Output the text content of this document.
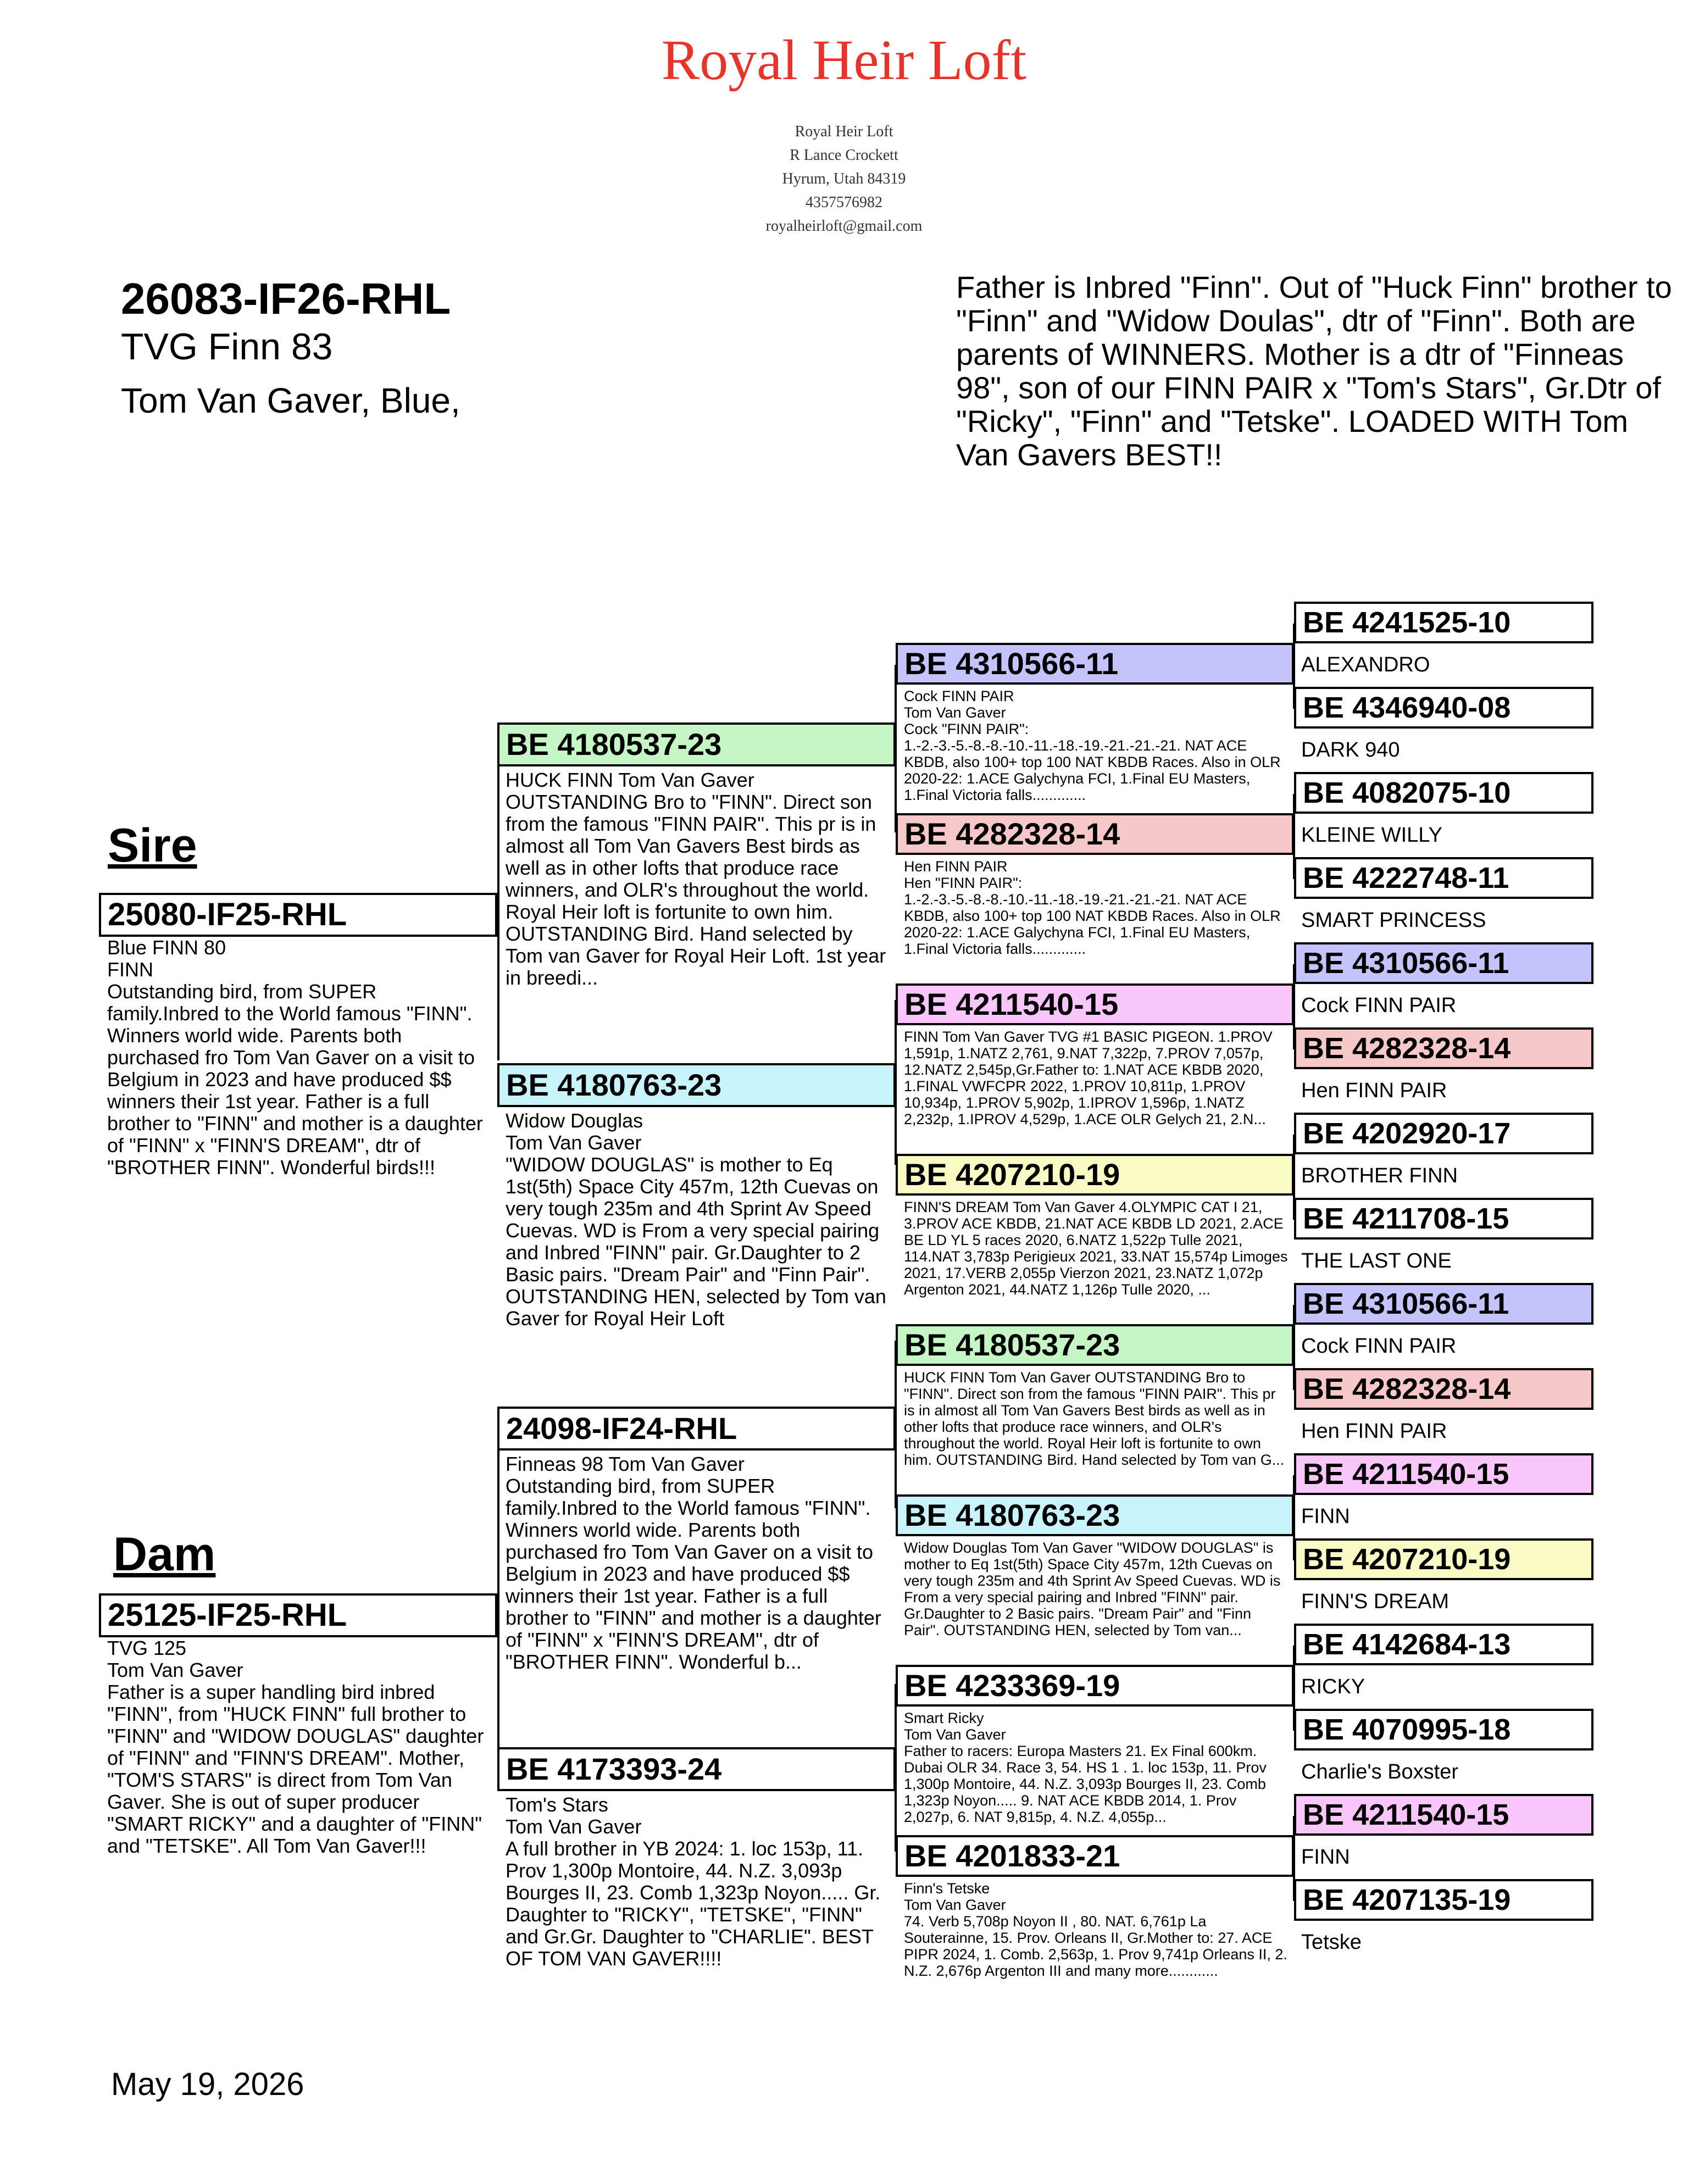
Royal Heir Loft
Royal Heir Loft
R Lance Crockett
Hyrum, Utah 84319
4357576982
royalheirloft@gmail.com
26083-IF26-RHL
TVG Finn 83
Tom Van Gaver, Blue,
Father is Inbred "Finn". Out of "Huck Finn" brother to "Finn" and "Widow Doulas", dtr of "Finn". Both are parents of WINNERS. Mother is a dtr of "Finneas 98", son of our FINN PAIR x "Tom's Stars", Gr.Dtr of "Ricky", "Finn" and "Tetske". LOADED WITH Tom Van Gavers BEST!!
Sire
25080-IF25-RHL
Blue FINN 80
FINN
Outstanding bird, from SUPER family.Inbred to the World famous "FINN". Winners world wide. Parents both purchased fro Tom Van Gaver on a visit to Belgium in 2023 and have produced $$ winners their 1st year. Father is a full brother to "FINN" and mother is a daughter of "FINN" x "FINN'S DREAM", dtr of "BROTHER FINN". Wonderful birds!!!
Dam
25125-IF25-RHL
TVG 125
Tom Van Gaver
Father is a super handling bird inbred "FINN", from "HUCK FINN" full brother to "FINN" and "WIDOW DOUGLAS" daughter of "FINN" and "FINN'S DREAM". Mother, "TOM'S STARS" is direct from Tom Van Gaver. She is out of super producer "SMART RICKY" and a daughter of "FINN" and "TETSKE". All Tom Van Gaver!!!
BE 4180537-23
HUCK FINN Tom Van Gaver OUTSTANDING Bro to "FINN". Direct son from the famous "FINN PAIR". This pr is in almost all Tom Van Gavers Best birds as well as in other lofts that produce race winners, and OLR's throughout the world. Royal Heir loft is fortunite to own him. OUTSTANDING Bird. Hand selected by Tom van Gaver for Royal Heir Loft. 1st year in breedi...
BE 4180763-23
Widow Douglas
Tom Van Gaver
"WIDOW DOUGLAS" is mother to Eq 1st(5th) Space City 457m, 12th Cuevas on very tough 235m and 4th Sprint Av Speed Cuevas. WD is From a very special pairing and Inbred "FINN" pair. Gr.Daughter to 2 Basic pairs. "Dream Pair" and "Finn Pair". OUTSTANDING HEN, selected by Tom van Gaver for Royal Heir Loft
24098-IF24-RHL
Finneas 98 Tom Van Gaver
Outstanding bird, from SUPER family.Inbred to the World famous "FINN". Winners world wide. Parents both purchased fro Tom Van Gaver on a visit to Belgium in 2023 and have produced $$ winners their 1st year. Father is a full brother to "FINN" and mother is a daughter of "FINN" x "FINN'S DREAM", dtr of "BROTHER FINN". Wonderful b...
BE 4173393-24
Tom's Stars
Tom Van Gaver
A full brother in YB 2024: 1. loc 153p, 11. Prov 1,300p Montoire, 44. N.Z. 3,093p Bourges II, 23. Comb 1,323p Noyon..... Gr. Daughter to "RICKY", "TETSKE", "FINN" and Gr.Gr. Daughter to "CHARLIE". BEST OF TOM VAN GAVER!!!!
BE 4310566-11
Cock FINN PAIR
Tom Van Gaver
Cock "FINN PAIR":
1.-2.-3.-5.-8.-8.-10.-11.-18.-19.-21.-21.-21. NAT ACE KBDB, also 100+ top 100 NAT KBDB Races. Also in OLR 2020-22: 1.ACE Galychyna FCI, 1.Final EU Masters, 1.Final Victoria falls.............
BE 4282328-14
Hen FINN PAIR
Hen "FINN PAIR":
1.-2.-3.-5.-8.-8.-10.-11.-18.-19.-21.-21.-21. NAT ACE KBDB, also 100+ top 100 NAT KBDB Races. Also in OLR 2020-22: 1.ACE Galychyna FCI, 1.Final EU Masters, 1.Final Victoria falls.............
BE 4211540-15
FINN Tom Van Gaver TVG #1 BASIC PIGEON. 1.PROV 1,591p, 1.NATZ 2,761, 9.NAT 7,322p, 7.PROV 7,057p, 12.NATZ 2,545p,Gr.Father to: 1.NAT ACE KBDB 2020, 1.FINAL VWFCPR 2022, 1.PROV 10,811p, 1.PROV 10,934p, 1.PROV 5,902p, 1.IPROV 1,596p, 1.NATZ 2,232p, 1.IPROV 4,529p, 1.ACE OLR Gelych 21, 2.N...
BE 4207210-19
FINN'S DREAM Tom Van Gaver 4.OLYMPIC CAT I 21, 3.PROV ACE KBDB, 21.NAT ACE KBDB LD 2021, 2.ACE BE LD YL 5 races 2020, 6.NATZ 1,522p Tulle 2021, 114.NAT 3,783p Perigieux 2021, 33.NAT 15,574p Limoges 2021, 17.VERB 2,055p Vierzon 2021, 23.NATZ 1,072p Argenton 2021, 44.NATZ 1,126p Tulle 2020, ...
BE 4180537-23
HUCK FINN Tom Van Gaver OUTSTANDING Bro to "FINN". Direct son from the famous "FINN PAIR". This pr is in almost all Tom Van Gavers Best birds as well as in other lofts that produce race winners, and OLR's throughout the world. Royal Heir loft is fortunite to own him. OUTSTANDING Bird. Hand selected by Tom van G...
BE 4180763-23
Widow Douglas Tom Van Gaver "WIDOW DOUGLAS" is mother to Eq 1st(5th) Space City 457m, 12th Cuevas on very tough 235m and 4th Sprint Av Speed Cuevas. WD is From a very special pairing and Inbred "FINN" pair. Gr.Daughter to 2 Basic pairs. "Dream Pair" and "Finn Pair". OUTSTANDING HEN, selected by Tom van...
BE 4233369-19
Smart Ricky
Tom Van Gaver
Father to racers: Europa Masters 21. Ex Final 600km. Dubai OLR 34. Race 3, 54. HS 1 . 1. loc 153p, 11. Prov 1,300p Montoire, 44. N.Z. 3,093p Bourges II, 23. Comb 1,323p Noyon..... 9. NAT ACE KBDB 2014, 1. Prov 2,027p, 6. NAT 9,815p, 4. N.Z. 4,055p...
BE 4201833-21
Finn's Tetske
Tom Van Gaver
74. Verb 5,708p Noyon II , 80. NAT. 6,761p La Souterainne, 15. Prov. Orleans II, Gr.Mother to: 27. ACE PIPR 2024, 1. Comb. 2,563p, 1. Prov 9,741p Orleans II, 2. N.Z. 2,676p Argenton III and many more............
BE 4241525-10
ALEXANDRO
BE 4346940-08
DARK 940
BE 4082075-10
KLEINE WILLY
BE 4222748-11
SMART PRINCESS
BE 4310566-11
Cock FINN PAIR
BE 4282328-14
Hen FINN PAIR
BE 4202920-17
BROTHER FINN
BE 4211708-15
THE LAST ONE
BE 4310566-11
Cock FINN PAIR
BE 4282328-14
Hen FINN PAIR
BE 4211540-15
FINN
BE 4207210-19
FINN'S DREAM
BE 4142684-13
RICKY
BE 4070995-18
Charlie's Boxster
BE 4211540-15
FINN
BE 4207135-19
Tetske
May 19, 2026
